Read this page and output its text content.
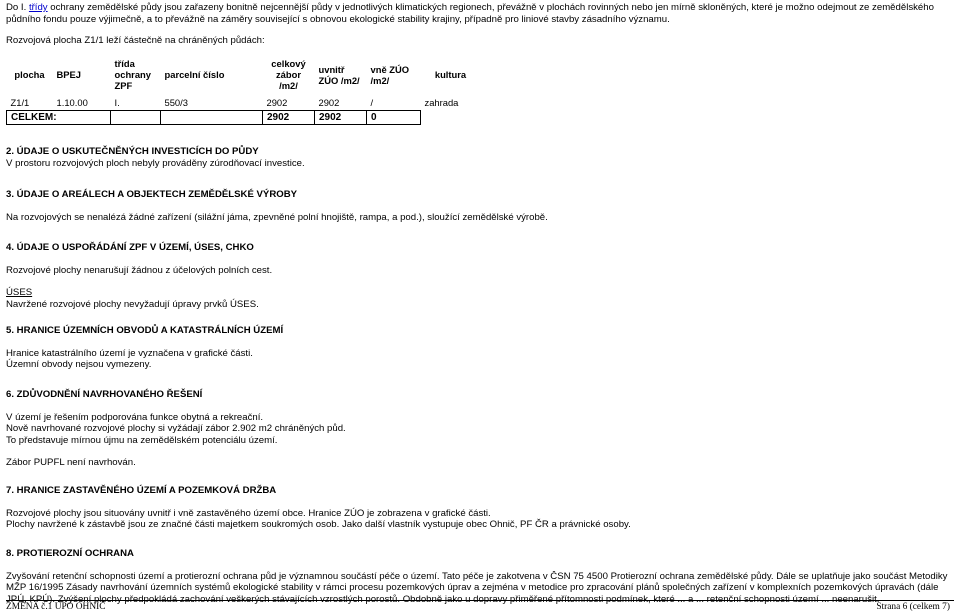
Do I. třídy ochrany zemědělské půdy jsou zařazeny bonitně nejcennější půdy v jednotlivých klimatických regionech, převážně v plochách rovinných nebo jen mírně skloněných, které je možno odejmout ze zemědělského půdního fondu pouze výjimečně, a to převážně na záměry související s obnovou ekologické stability krajiny, případně pro liniové stavby zásadního významu.

Rozvojová plocha Z1/1 leží částečně na chráněných půdách:

plocha	BPEJ	třída ochrany ZPF	parcelní číslo	celkový zábor /m2/	uvnitř ZÚO /m2/	vně ZÚO /m2/	kultura
Z1/1	1.10.00	I.	550/3	2902	2902	/	zahrada
CELKEM:				2902	2902	0	

2. ÚDAJE O USKUTEČNĚNÝCH INVESTICÍCH DO PŮDY

V prostoru rozvojových ploch nebyly prováděny zúrodňovací investice.

3. ÚDAJE O AREÁLECH A OBJEKTECH ZEMĚDĚLSKÉ VÝROBY

Na rozvojových se nenalézá žádné zařízení (silážní jáma, zpevněné polní hnojiště, rampa, a pod.), sloužící zemědělské výrobě.

4. ÚDAJE O USPOŘÁDÁNÍ ZPF V ÚZEMÍ, ÚSES, CHKO

Rozvojové plochy nenarušují žádnou z účelových polních cest.

ÚSES

Navržené rozvojové plochy nevyžadují úpravy prvků ÚSES.

5. HRANICE ÚZEMNÍCH OBVODŮ A KATASTRÁLNÍCH ÚZEMÍ

Hranice katastrálního území je vyznačena v grafické části.

Územní obvody nejsou vymezeny.

6. ZDŮVODNĚNÍ NAVRHOVANÉHO ŘEŠENÍ

V území je řešením podporována funkce obytná a rekreační.

Nově navrhované rozvojové plochy si vyžádají zábor 2.902 m2 chráněných půd.

To představuje mírnou újmu na zemědělském potenciálu území.

Zábor PUPFL není navrhován.

7. HRANICE ZASTAVĚNÉHO ÚZEMÍ A POZEMKOVÁ DRŽBA

Rozvojové plochy jsou situovány uvnitř i vně zastavěného území obce. Hranice ZÚO je zobrazena v grafické části.

Plochy navržené k zástavbě jsou ze značné části majetkem soukromých osob. Jako další vlastník vystupuje obec Ohnič, PF ČR a právnické osoby.

8. PROTIEROZNÍ OCHRANA

Zvyšování retenční schopnosti území a protierozní ochrana půd je významnou součástí péče o území. Tato péče je zakotvena v ČSN 75 4500 Protierozní ochrana zemědělské půdy. Dále se uplatňuje jako součást Metodiky MŽP 16/1995 Zásady navrhování územních systémů ekologické stability v rámci procesu pozemkových úprav a zejména v metodice pro zpracování plánů společných zařízení v komplexních pozemkových úpravách (dále JPÚ, KPÚ). Zvýšení plochy předpokládá zachování veškerých stávajících vzrostlých porostů. Obdobně jako u dopravy přiměřené přítomnosti podmínek, které ... a ... retenční schopnosti území ... neenarušit.

ZMĚNA č.1 ÚPO OHNIČ	Strana 6 (celkem 7)
